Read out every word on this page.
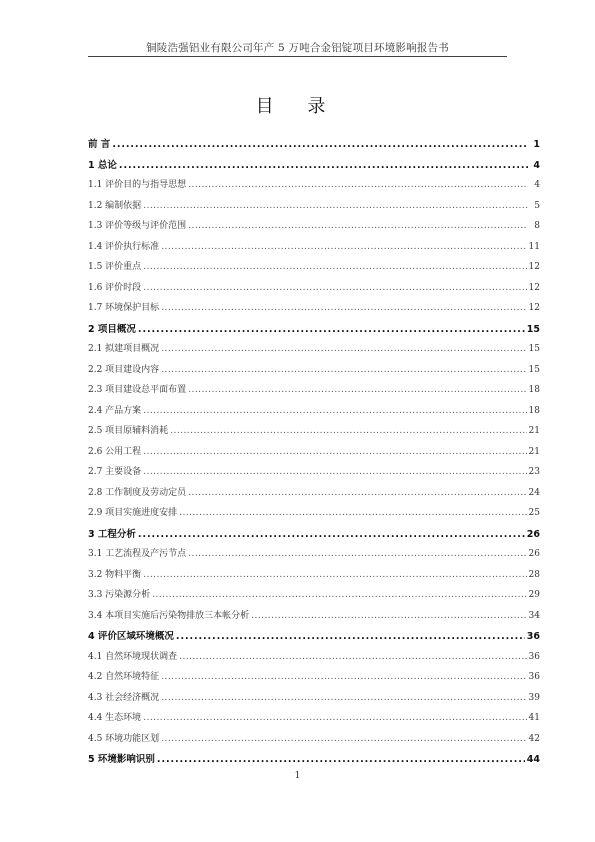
铜陵浩强铝业有限公司年产 5 万吨合金铝锭项目环境影响报告书
目 录
前 言 . . .	1
1 总论 . . .	4
1.1 评价目的与指导思想 . . .	4
1.2 编制依据 . . .	5
1.3 评价等级与评价范围 . . .	8
1.4 评价执行标准 . . .	11
1.5 评价重点 . . .	12
1.6 评价时段 . . .	12
1.7 环境保护目标 . . .	12
2 项目概况 . . .	15
2.1 拟建项目概况 . . .	15
2.2 项目建设内容 . . .	15
2.3 项目建设总平面布置 . . .	18
2.4 产品方案 . . .	18
2.5 项目原辅料消耗 . . .	21
2.6 公用工程 . . .	21
2.7 主要设备 . . .	23
2.8 工作制度及劳动定员 . . .	24
2.9 项目实施进度安排 . . .	25
3 工程分析 . . .	26
3.1 工艺流程及产污节点 . . .	26
3.2 物料平衡 . . .	28
3.3 污染源分析 . . .	29
3.4 本项目实施后污染物排放三本帐分析 . . .	34
4 评价区域环境概况 . . .	36
4.1 自然环境现状调查 . . .	36
4.2 自然环境特征 . . .	36
4.3 社会经济概况 . . .	39
4.4 生态环境 . . .	41
4.5 环境功能区划 . . .	42
5 环境影响识别 . . .	44
1
